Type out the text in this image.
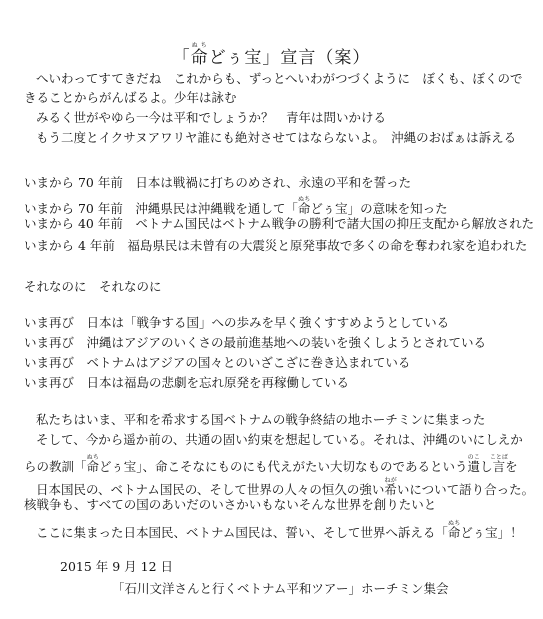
「命ぬちどぅ宝」宣言（案）
へいわってすてきだね　これからも、ずっとへいわがつづくように　ぼくも、ぼくので
きることからがんばるよ。少年は詠む
みるく世がやゆら一今は平和でしょうか？　青年は問いかける
もう二度とイクサヌアワリヤ誰にも絶対させてはならないよ。　沖縄のおばぁは訴える
いまから 70 年前　日本は戦禍に打ちのめされ、永遠の平和を誓った
いまから 70 年前　沖縄県民は沖縄戦を通して「命ぬちどぅ宝」の意味を知った
いまから 40 年前　ベトナム国民はベトナム戦争の勝利で諸大国の抑圧支配から解放された
いまから 4 年前　福島県民は未曾有の大震災と原発事故で多くの命を奪われ家を追われた
それなのに　それなのに
いま再び　日本は「戦争する国」への歩みを早く強くすすめようとしている
いま再び　沖縄はアジアのいくさの最前進基地への装いを強くしようとされている
いま再び　ベトナムはアジアの国々とのいざこざに巻き込まれている
いま再び　日本は福島の悲劇を忘れ原発を再稼働している
私たちはいま、平和を希求する国ベトナムの戦争終結の地ホーチミンに集まった
そして、今から遥か前の、共通の固い約束を想起している。それは、沖縄のいにしえか
らの教訓「命ぬちどぅ宝」、命こそなにものにも代えがたい大切なものであるという遺のこし言ことばを
日本国民の、ベトナム国民の、そして世界の人々の恒久の強い希ねがいについて語り合った。
核戦争も、すべての国のあいだのいさかいもないそんな世界を創りたいと
ここに集まった日本国民、ベトナム国民は、誓い、そして世界へ訴える「命ぬちどぅ宝」！
2015 年 9 月 12 日
「石川文洋さんと行くベトナム平和ツアー」ホーチミン集会
